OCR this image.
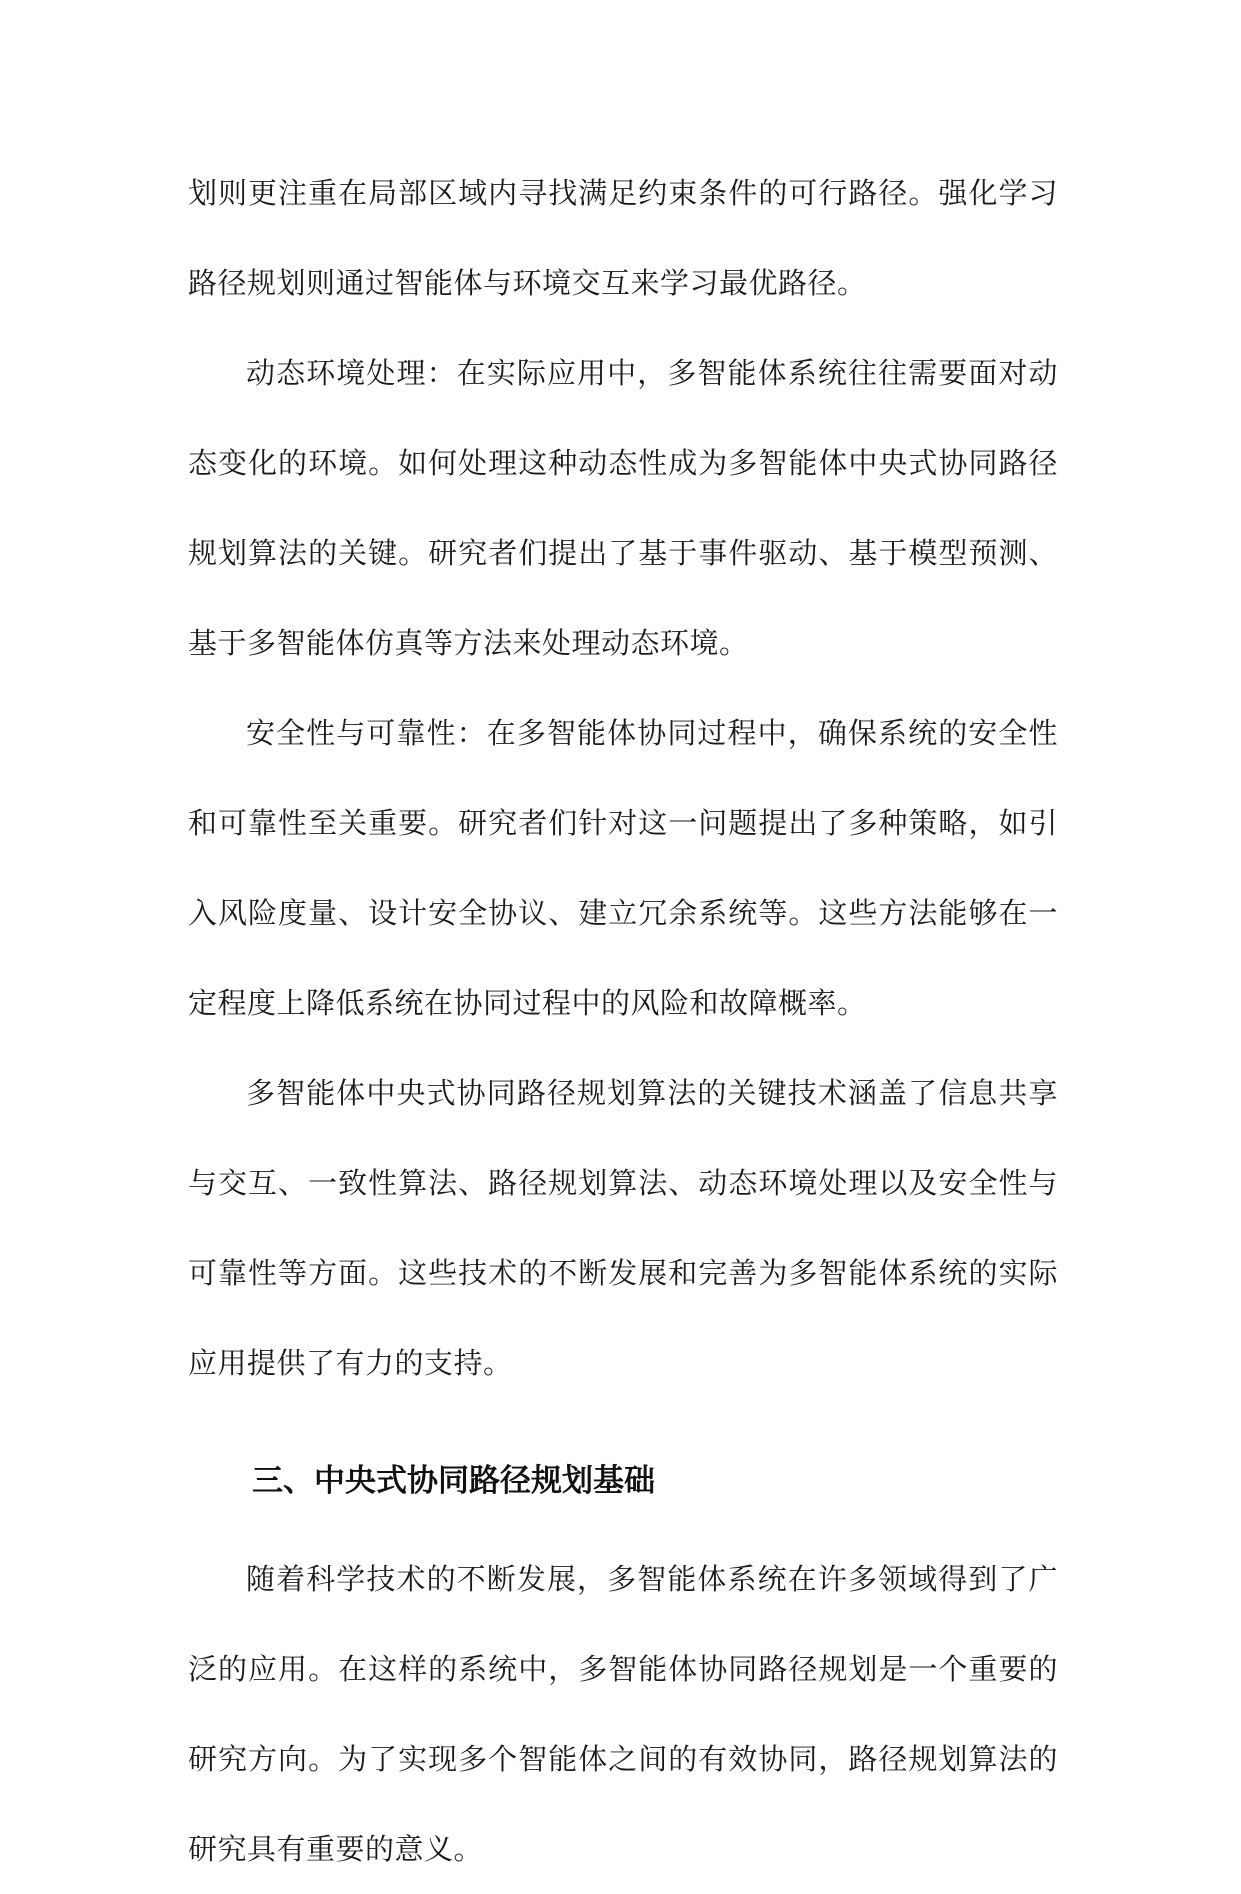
划则更注重在局部区域内寻找满足约束条件的可行路径。强化学习路径规划则通过智能体与环境交互来学习最优路径。

动态环境处理：在实际应用中，多智能体系统往往需要面对动态变化的环境。如何处理这种动态性成为多智能体中央式协同路径规划算法的关键。研究者们提出了基于事件驱动、基于模型预测、基于多智能体仿真等方法来处理动态环境。

安全性与可靠性：在多智能体协同过程中，确保系统的安全性和可靠性至关重要。研究者们针对这一问题提出了多种策略，如引入风险度量、设计安全协议、建立冗余系统等。这些方法能够在一定程度上降低系统在协同过程中的风险和故障概率。

多智能体中央式协同路径规划算法的关键技术涵盖了信息共享与交互、一致性算法、路径规划算法、动态环境处理以及安全性与可靠性等方面。这些技术的不断发展和完善为多智能体系统的实际应用提供了有力的支持。

三、中央式协同路径规划基础

随着科学技术的不断发展，多智能体系统在许多领域得到了广泛的应用。在这样的系统中，多智能体协同路径规划是一个重要的研究方向。为了实现多个智能体之间的有效协同，路径规划算法的研究具有重要的意义。
